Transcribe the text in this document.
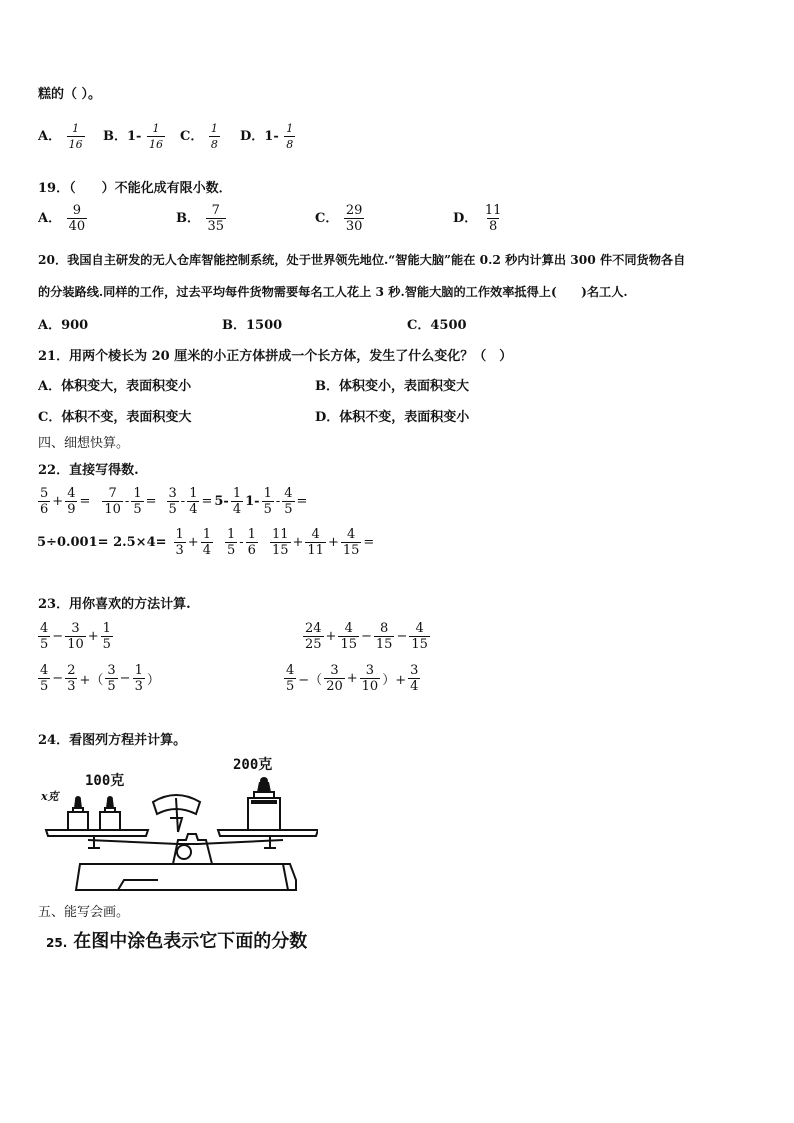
糕的（ ）。
A． $\frac{1}{16}$ B．$1- \frac{1}{16}$ C． $\frac{1}{8}$ D．$1- \frac{1}{8}$
19．（　　）不能化成有限小数．
A． $\frac{9}{40}$	B． $\frac{7}{35}$	C． $\frac{29}{30}$	D． $\frac{11}{8}$
20．我国自主研发的无人仓库智能控制系统，处于世界领先地位.“智能大脑”能在 0.2 秒内计算出 300 件不同货物各自
的分装路线.同样的工作，过去平均每件货物需要每名工人花上 3 秒.智能大脑的工作效率抵得上(　　)名工人.
A．900	B．1500	C．4500
21．用两个棱长为 20 厘米的小正方体拼成一个长方体，发生了什么变化？（　）
A．体积变大，表面积变小	B．体积变小，表面积变大
C．体积不变，表面积变大	D．体积不变，表面积变小
四、细想快算。
22．直接写得数.
$\frac{5}{6} + \frac{4}{9} = \frac{7}{10} - \frac{1}{5} = \frac{3}{5} - \frac{1}{4} = 5- \frac{1}{4} 1- \frac{1}{5} - \frac{4}{5}$ =
$5\div 0.001= 2.5\times 4= \frac{1}{3} + \frac{1}{4} \frac{1}{5} - \frac{1}{6} \frac{11}{15} + \frac{4}{11} + \frac{4}{15}$ =
23．用你喜欢的方法计算.
$\frac{4}{5} - \frac{3}{10} + \frac{1}{5}$	$\frac{24}{25} + \frac{4}{15} - \frac{8}{15} - \frac{4}{15}$
$\frac{4}{5} - \frac{2}{3}$ +（ $\frac{3}{5} - \frac{1}{3}$ ）	$\frac{4}{5}$ −（ $\frac{3}{20} + \frac{3}{10}$ ）+ $\frac{3}{4}$
24．看图列方程并计算。
x克
100克
200克
五、能写会画。
25. 在图中涂色表示它下面的分数
